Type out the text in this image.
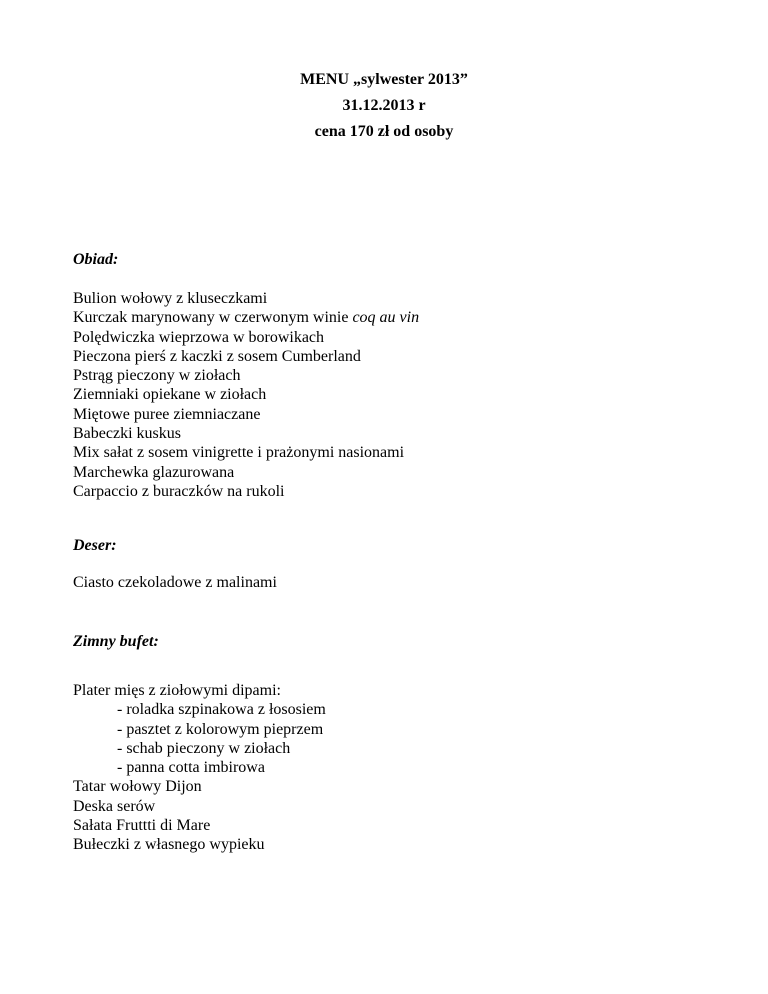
MENU „sylwester 2013”
31.12.2013 r
cena 170 zł od osoby
Obiad:
Bulion wołowy z kluseczkami
Kurczak marynowany w czerwonym winie coq au vin
Polędwiczka wieprzowa w borowikach
Pieczona pierś z kaczki z sosem Cumberland
Pstrąg pieczony w ziołach
Ziemniaki opiekane w ziołach
Miętowe puree ziemniaczane
Babeczki kuskus
Mix sałat z sosem vinigrette i prażonymi nasionami
Marchewka glazurowana
Carpaccio z buraczków na rukoli
Deser:
Ciasto czekoladowe z malinami
Zimny bufet:
Plater mięs z ziołowymi dipami:
- roladka szpinakowa z łososiem
- pasztet z kolorowym pieprzem
- schab pieczony w ziołach
- panna cotta imbirowa
Tatar wołowy Dijon
Deska serów
Sałata Fruttti di Mare
Bułeczki z własnego wypieku
